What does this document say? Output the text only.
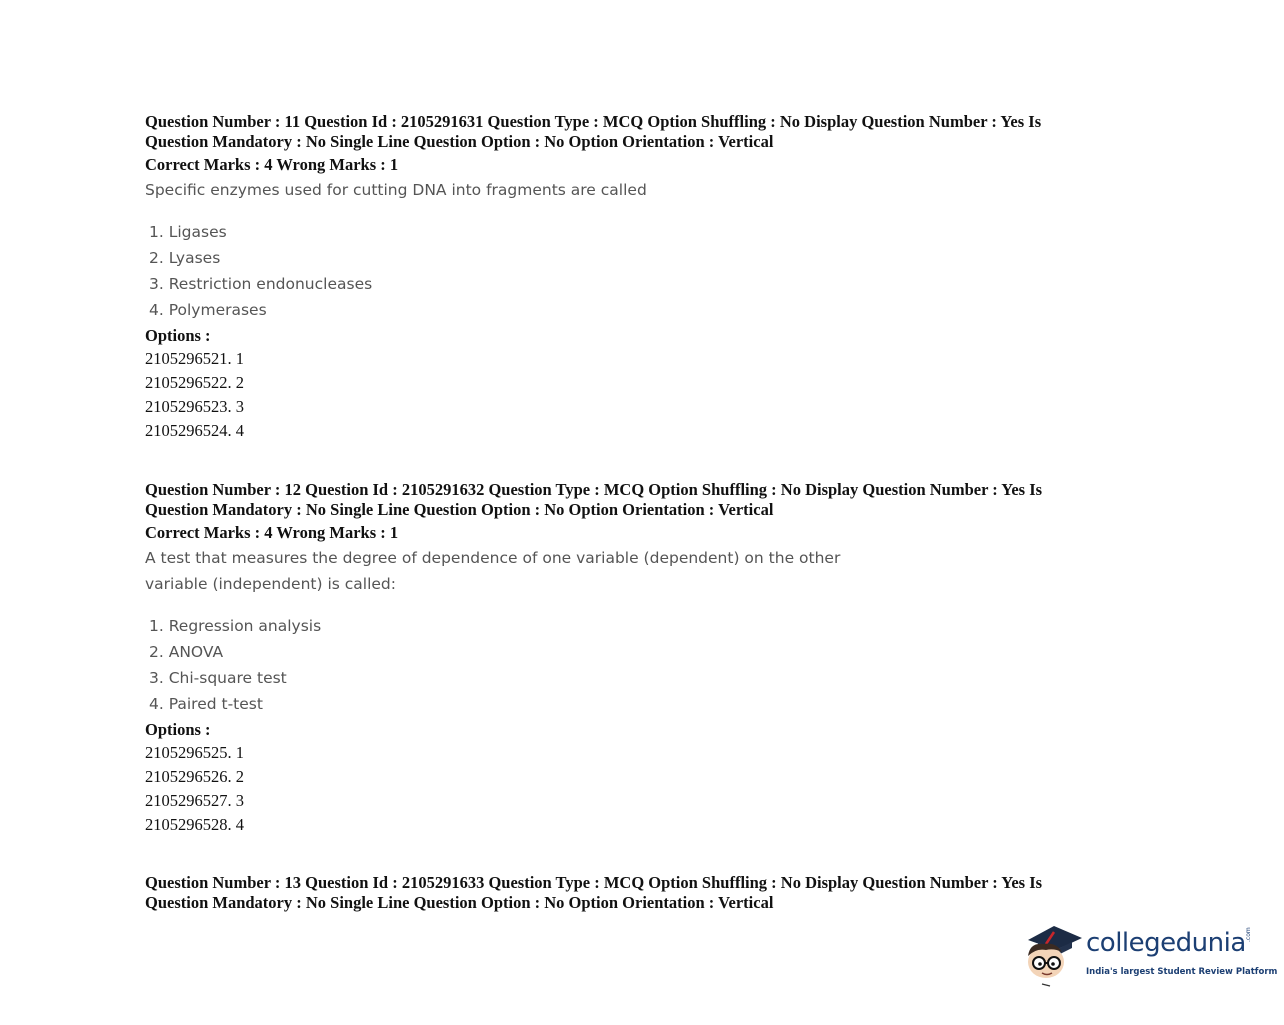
Question Number : 11 Question Id : 2105291631 Question Type : MCQ Option Shuffling : No Display Question Number : Yes Is
Question Mandatory : No Single Line Question Option : No Option Orientation : Vertical
Correct Marks : 4 Wrong Marks : 1
Specific enzymes used for cutting DNA into fragments are called
1. Ligases
2. Lyases
3. Restriction endonucleases
4. Polymerases
Options :
2105296521. 1
2105296522. 2
2105296523. 3
2105296524. 4
Question Number : 12 Question Id : 2105291632 Question Type : MCQ Option Shuffling : No Display Question Number : Yes Is
Question Mandatory : No Single Line Question Option : No Option Orientation : Vertical
Correct Marks : 4 Wrong Marks : 1
A test that measures the degree of dependence of one variable (dependent) on the other
variable (independent) is called:
1. Regression analysis
2. ANOVA
3. Chi-square test
4. Paired t-test
Options :
2105296525. 1
2105296526. 2
2105296527. 3
2105296528. 4
Question Number : 13 Question Id : 2105291633 Question Type : MCQ Option Shuffling : No Display Question Number : Yes Is
Question Mandatory : No Single Line Question Option : No Option Orientation : Vertical
collegedunia .com
India's largest Student Review Platform
